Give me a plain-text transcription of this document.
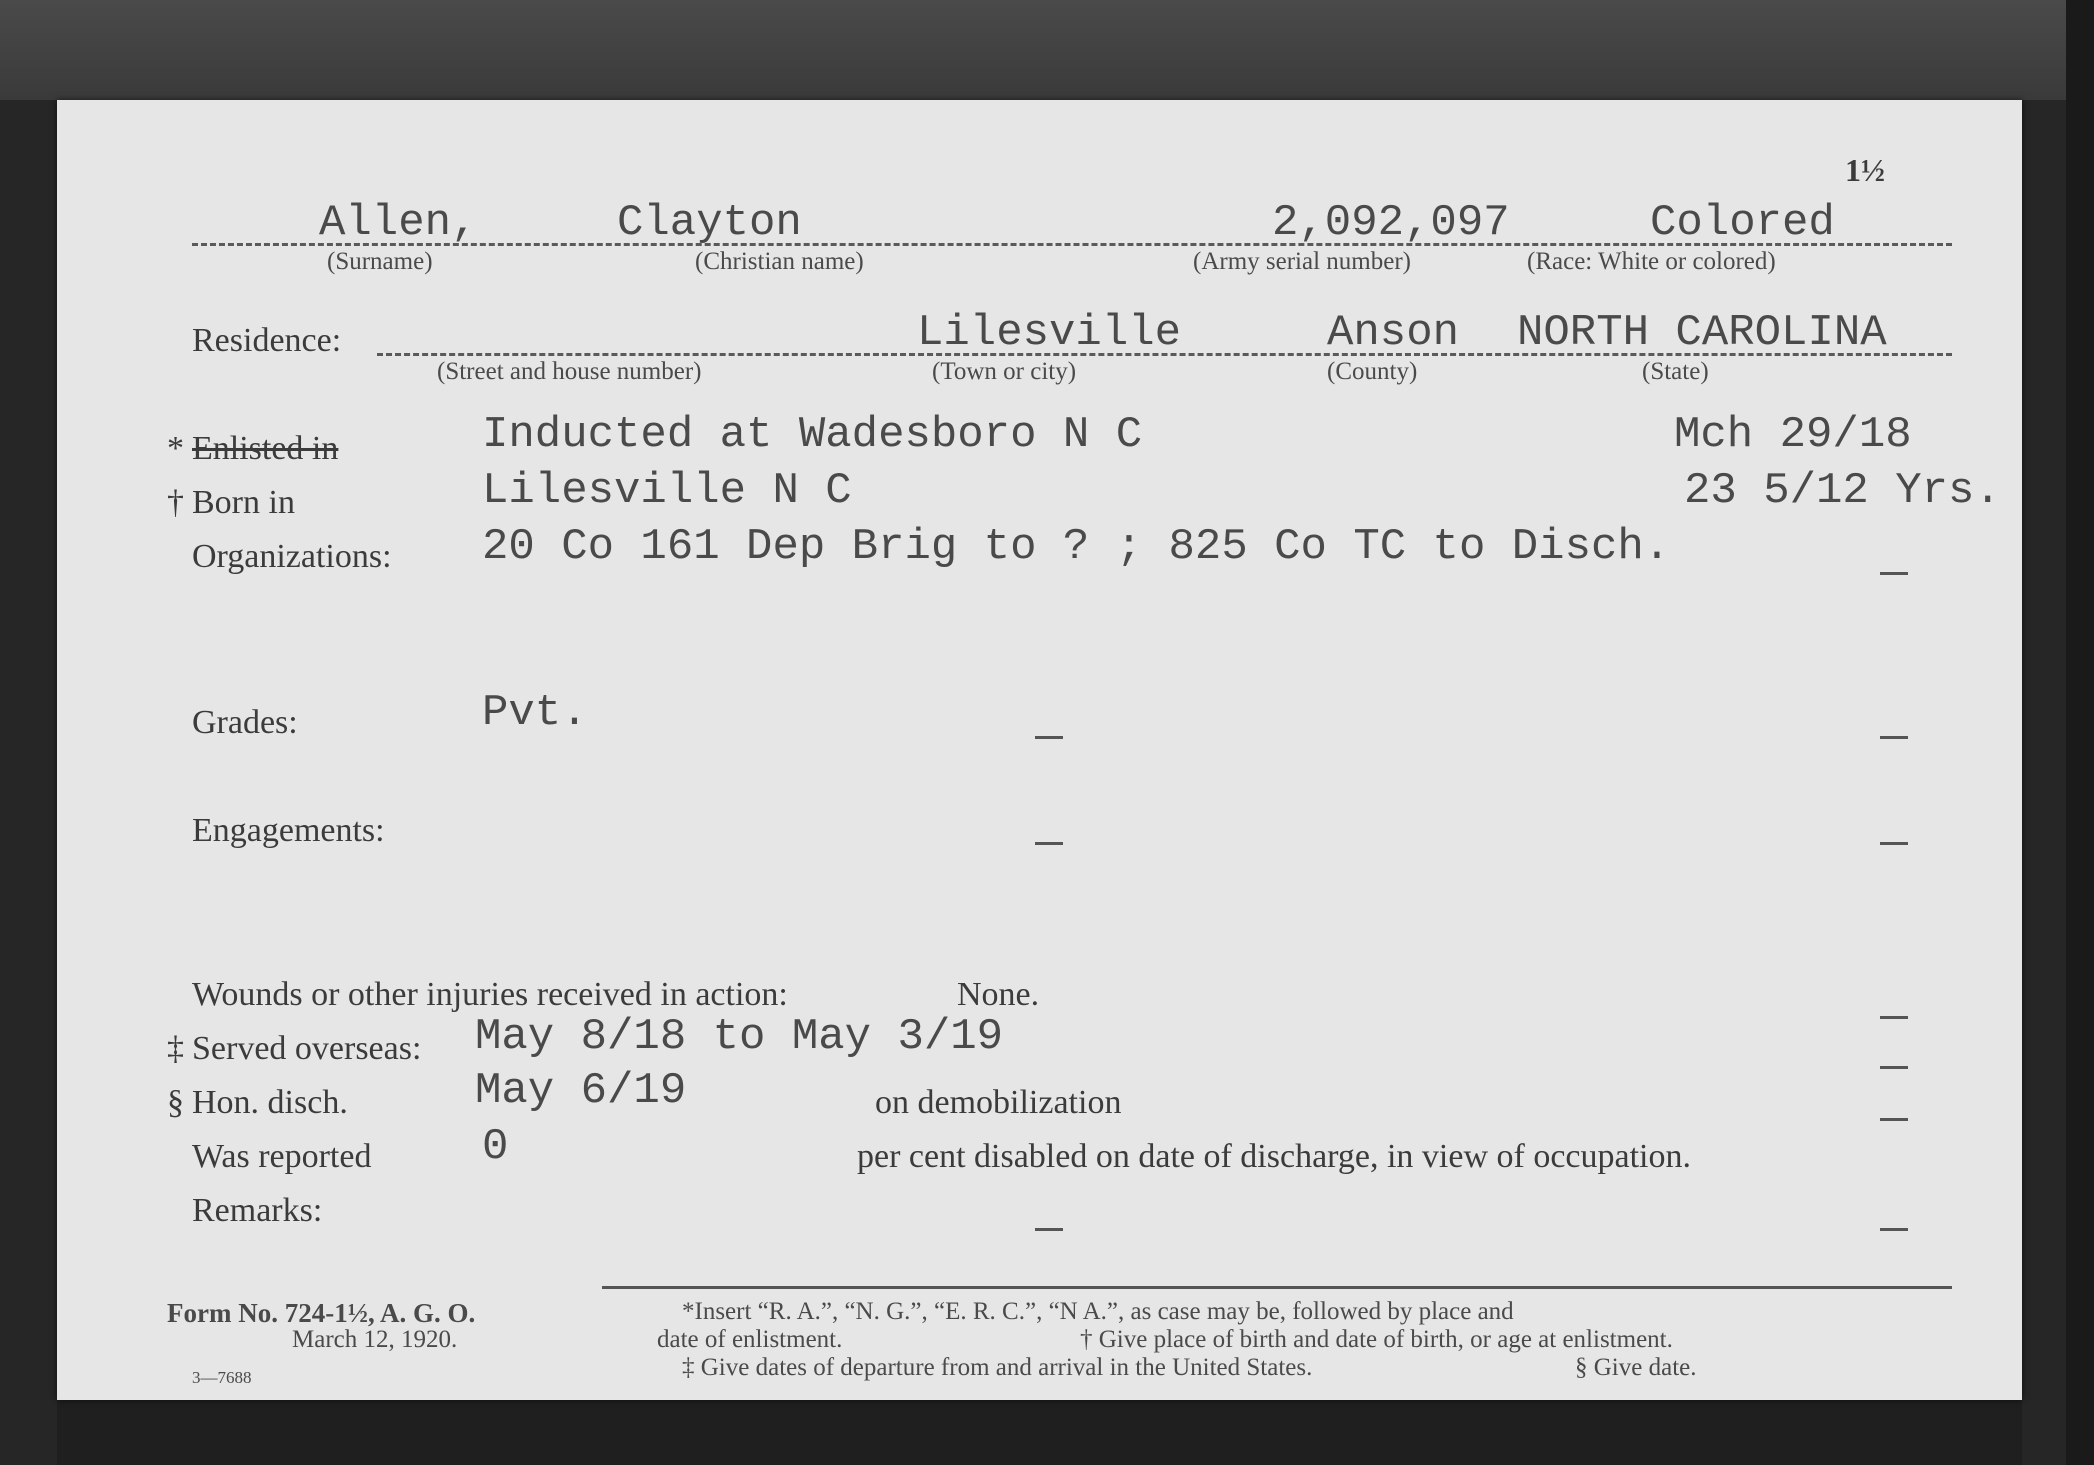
1½
Allen,	Clayton	2,092,097	Colored
(Surname)	(Christian name)	(Army serial number)	(Race: White or colored)
Residence:	Lilesville	Anson NORTH CAROLINA
(Street and house number)	(Town or city)	(County)	(State)
* Enlisted in	Inducted at Wadesboro N C	Mch 29/18
† Born in	Lilesville N C	23 5/12 Yrs.
Organizations: 20 Co 161 Dep Brig to ? ; 825 Co TC to Disch.
Grades:	Pvt.
Engagements:
Wounds or other injuries received in action:	None.
‡ Served overseas: May 8/18 to May 3/19
§ Hon. disch.	May 6/19	on demobilization
Was reported	0	per cent disabled on date of discharge, in view of occupation.
Remarks:
Form No. 724-1½, A. G. O.
March 12, 1920.
3—7688
*Insert “R. A.”, “N. G.”, “E. R. C.”, “N A.”, as case may be, followed by place and
date of enlistment.	† Give place of birth and date of birth, or age at enlistment.
‡ Give dates of departure from and arrival in the United States.	§ Give date.
